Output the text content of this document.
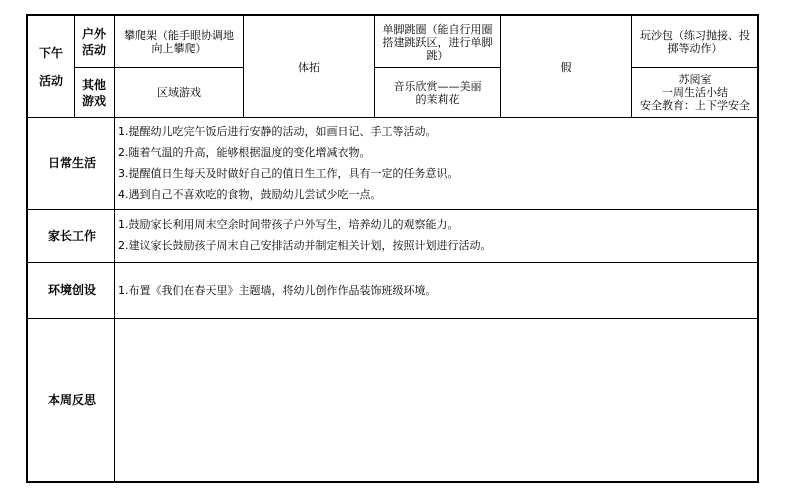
下午活动
户外活动
其他游戏
攀爬架（能手眼协调地向上攀爬）
区域游戏
体拓
单脚跳圈（能自行用圈搭建跳跃区，进行单脚跳）
音乐欣赏——美丽的茉莉花
假
玩沙包（练习抛接、投掷等动作）
苏阅室
一周生活小结
安全教育：上下学安全
日常生活
1.提醒幼儿吃完午饭后进行安静的活动，如画日记、手工等活动。
2.随着气温的升高，能够根据温度的变化增减衣物。
3.提醒值日生每天及时做好自己的值日生工作，具有一定的任务意识。
4.遇到自己不喜欢吃的食物，鼓励幼儿尝试少吃一点。
家长工作
1.鼓励家长利用周末空余时间带孩子户外写生，培养幼儿的观察能力。
2.建议家长鼓励孩子周末自己安排活动并制定相关计划，按照计划进行活动。
环境创设	1.布置《我们在春天里》主题墙，将幼儿创作作品装饰班级环境。
本周反思
